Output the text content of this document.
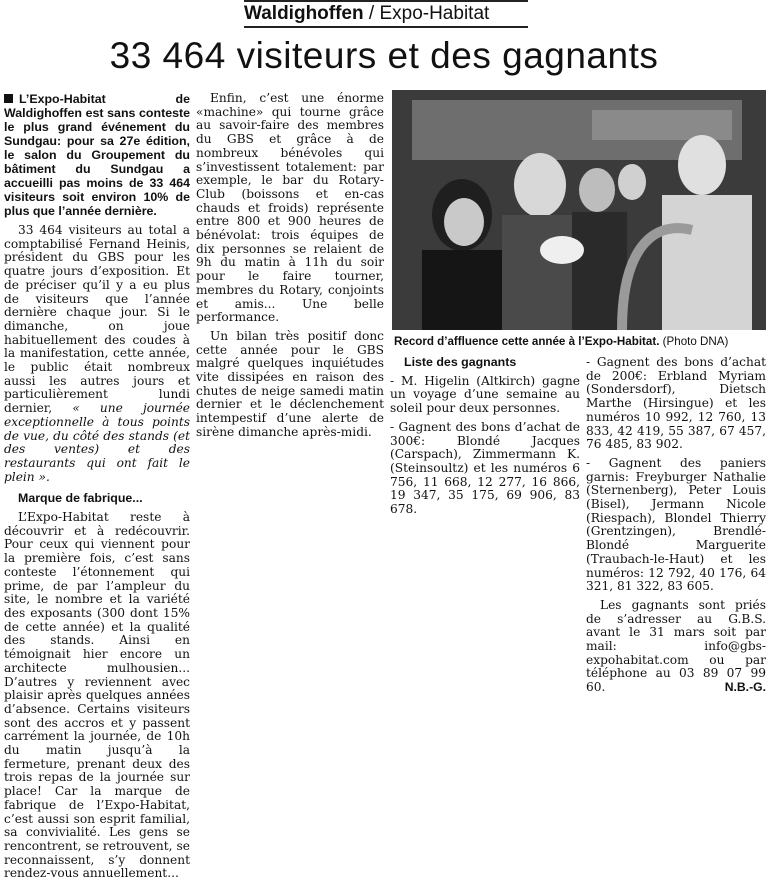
Waldighoffen / Expo-Habitat
33 464 visiteurs et des gagnants
L’Expo-Habitat de Waldighoffen est sans conteste le plus grand événement du Sundgau: pour sa 27e édition, le salon du Groupement du bâtiment du Sundgau a accueilli pas moins de 33 464 visiteurs soit environ 10% de plus que l’année dernière.

33 464 visiteurs au total a comptabilisé Fernand Heinis, président du GBS pour les quatre jours d’exposition. Et de préciser qu’il y a eu plus de visiteurs que l’année dernière chaque jour. Si le dimanche, on joue habituellement des coudes à la manifestation, cette année, le public était nombreux aussi les autres jours et particulièrement lundi dernier, « une journée exceptionnelle à tous points de vue, du côté des stands (et des ventes) et des restaurants qui ont fait le plein ».

Marque de fabrique...

L’Expo-Habitat reste à découvrir et à redécouvrir. Pour ceux qui viennent pour la première fois, c’est sans conteste l’étonnement qui prime, de par l’ampleur du site, le nombre et la variété des exposants (300 dont 15% de cette année) et la qualité des stands. Ainsi en témoignait hier encore un architecte mulhousien... D’autres y reviennent avec plaisir après quelques années d’absence. Certains visiteurs sont des accros et y passent carrément la journée, de 10h du matin jusqu’à la fermeture, prenant deux des trois repas de la journée sur place! Car la marque de fabrique de l’Expo-Habitat, c’est aussi son esprit familial, sa convivialité. Les gens se rencontrent, se retrouvent, se reconnaissent, s’y donnent rendez-vous annuellement...

Record d’affluence cette année à l’Expo-Habitat. (Photo DNA)

Enfin, c’est une énorme «machine» qui tourne grâce au savoir-faire des membres du GBS et grâce à de nombreux bénévoles qui s’investissent totalement: par exemple, le bar du Rotary-Club (boissons et en-cas chauds et froids) représente entre 800 et 900 heures de bénévolat: trois équipes de dix personnes se relaient de 9h du matin à 11h du soir pour le faire tourner, membres du Rotary, conjoints et amis... Une belle performance.

Un bilan très positif donc cette année pour le GBS malgré quelques inquiétudes vite dissipées en raison des chutes de neige samedi matin dernier et le déclenchement intempestif d’une alerte de sirène dimanche après-midi.

Liste des gagnants

- M. Higelin (Altkirch) gagne un voyage d’une semaine au soleil pour deux personnes.

- Gagnent des bons d’achat de 300€: Blondé Jacques (Carspach), Zimmermann K. (Steinsoultz) et les numéros 6 756, 11 668, 12 277, 16 866, 19 347, 35 175, 69 906, 83 678.

- Gagnent des bons d’achat de 200€: Erbland Myriam (Sondersdorf), Dietsch Marthe (Hirsingue) et les numéros 10 992, 12 760, 13 833, 42 419, 55 387, 67 457, 76 485, 83 902.

- Gagnent des paniers garnis: Freyburger Nathalie (Sternenberg), Peter Louis (Bisel), Jermann Nicole (Riespach), Blondel Thierry (Grentzingen), Brendlé-Blondé Marguerite (Traubach-le-Haut) et les numéros: 12 792, 40 176, 64 321, 81 322, 83 605.

Les gagnants sont priés de s’adresser au G.B.S. avant le 31 mars soit par mail: info@gbs-expohabitat.com ou par téléphone au 03 89 07 99 60.	N.B.-G.
